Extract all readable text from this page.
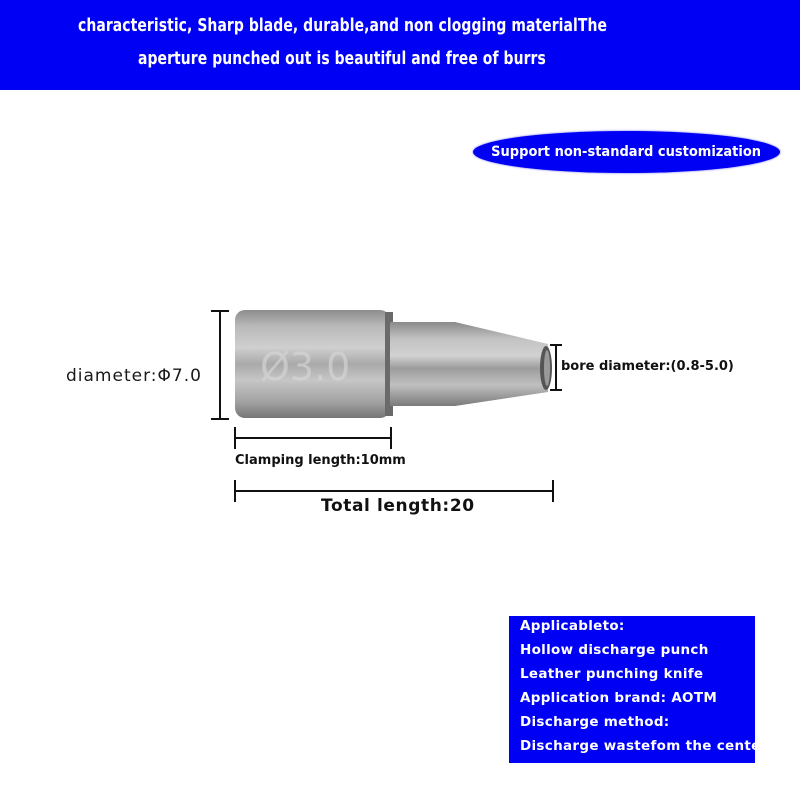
characteristic, Sharp blade, durable,and non clogging materialThe
aperture punched out is beautiful and free of burrs
Support non-standard customization
Ø3.0
diameter:Φ7.0	bore diameter:(0.8-5.0)
Clamping length:10mm
Total length:20
Applicableto:
Hollow discharge punch
Leather punching knife
Application brand: AOTM
Discharge method:
Discharge wastefom the center
